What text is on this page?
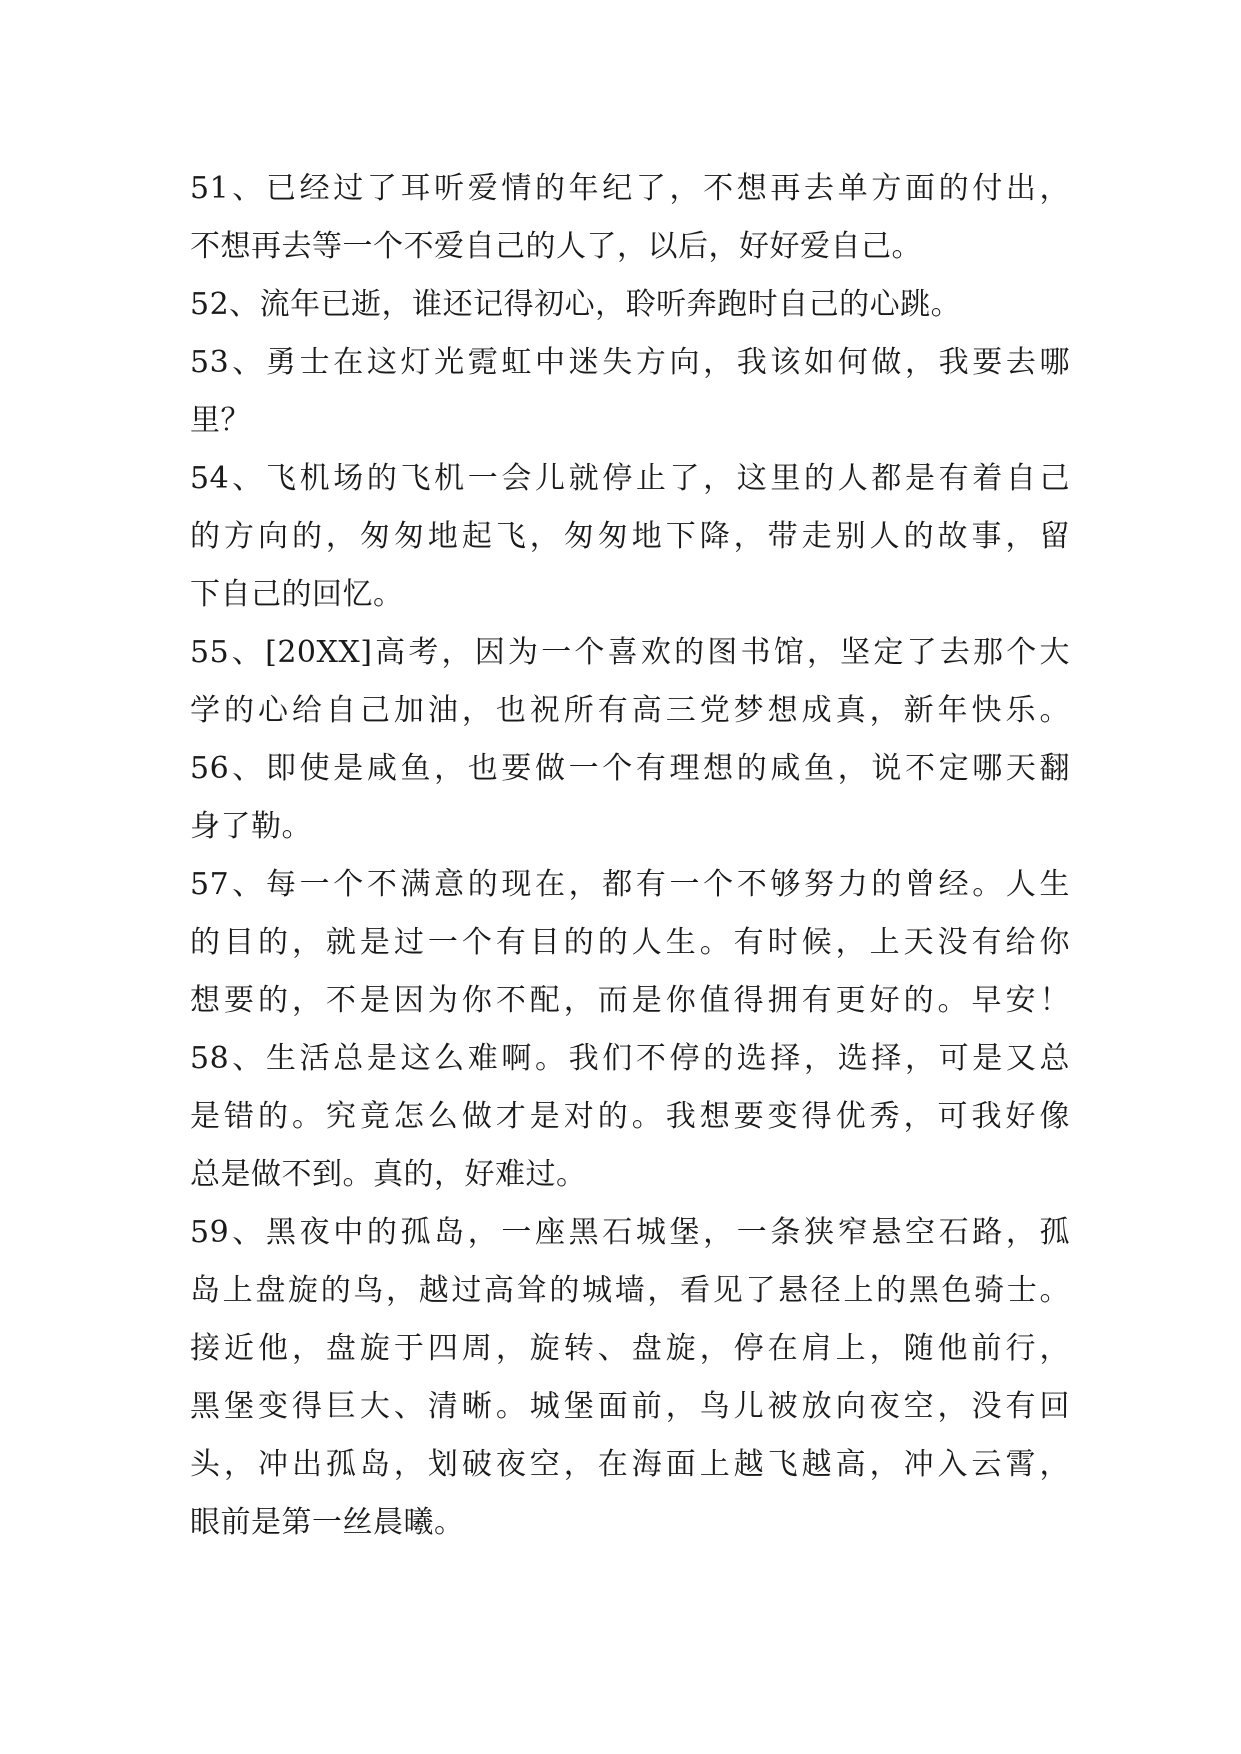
51、已经过了耳听爱情的年纪了，不想再去单方面的付出，
不想再去等一个不爱自己的人了，以后，好好爱自己。
52、流年已逝，谁还记得初心，聆听奔跑时自己的心跳。
53、勇士在这灯光霓虹中迷失方向，我该如何做，我要去哪
里？
54、飞机场的飞机一会儿就停止了，这里的人都是有着自己
的方向的，匆匆地起飞，匆匆地下降，带走别人的故事，留
下自己的回忆。
55、[20XX]高考，因为一个喜欢的图书馆，坚定了去那个大
学的心给自己加油，也祝所有高三党梦想成真，新年快乐。
56、即使是咸鱼，也要做一个有理想的咸鱼，说不定哪天翻
身了勒。
57、每一个不满意的现在，都有一个不够努力的曾经。人生
的目的，就是过一个有目的的人生。有时候，上天没有给你
想要的，不是因为你不配，而是你值得拥有更好的。早安！
58、生活总是这么难啊。我们不停的选择，选择，可是又总
是错的。究竟怎么做才是对的。我想要变得优秀，可我好像
总是做不到。真的，好难过。
59、黑夜中的孤岛，一座黑石城堡，一条狭窄悬空石路，孤
岛上盘旋的鸟，越过高耸的城墙，看见了悬径上的黑色骑士。
接近他，盘旋于四周，旋转、盘旋，停在肩上，随他前行，
黑堡变得巨大、清晰。城堡面前，鸟儿被放向夜空，没有回
头，冲出孤岛，划破夜空，在海面上越飞越高，冲入云霄，
眼前是第一丝晨曦。
